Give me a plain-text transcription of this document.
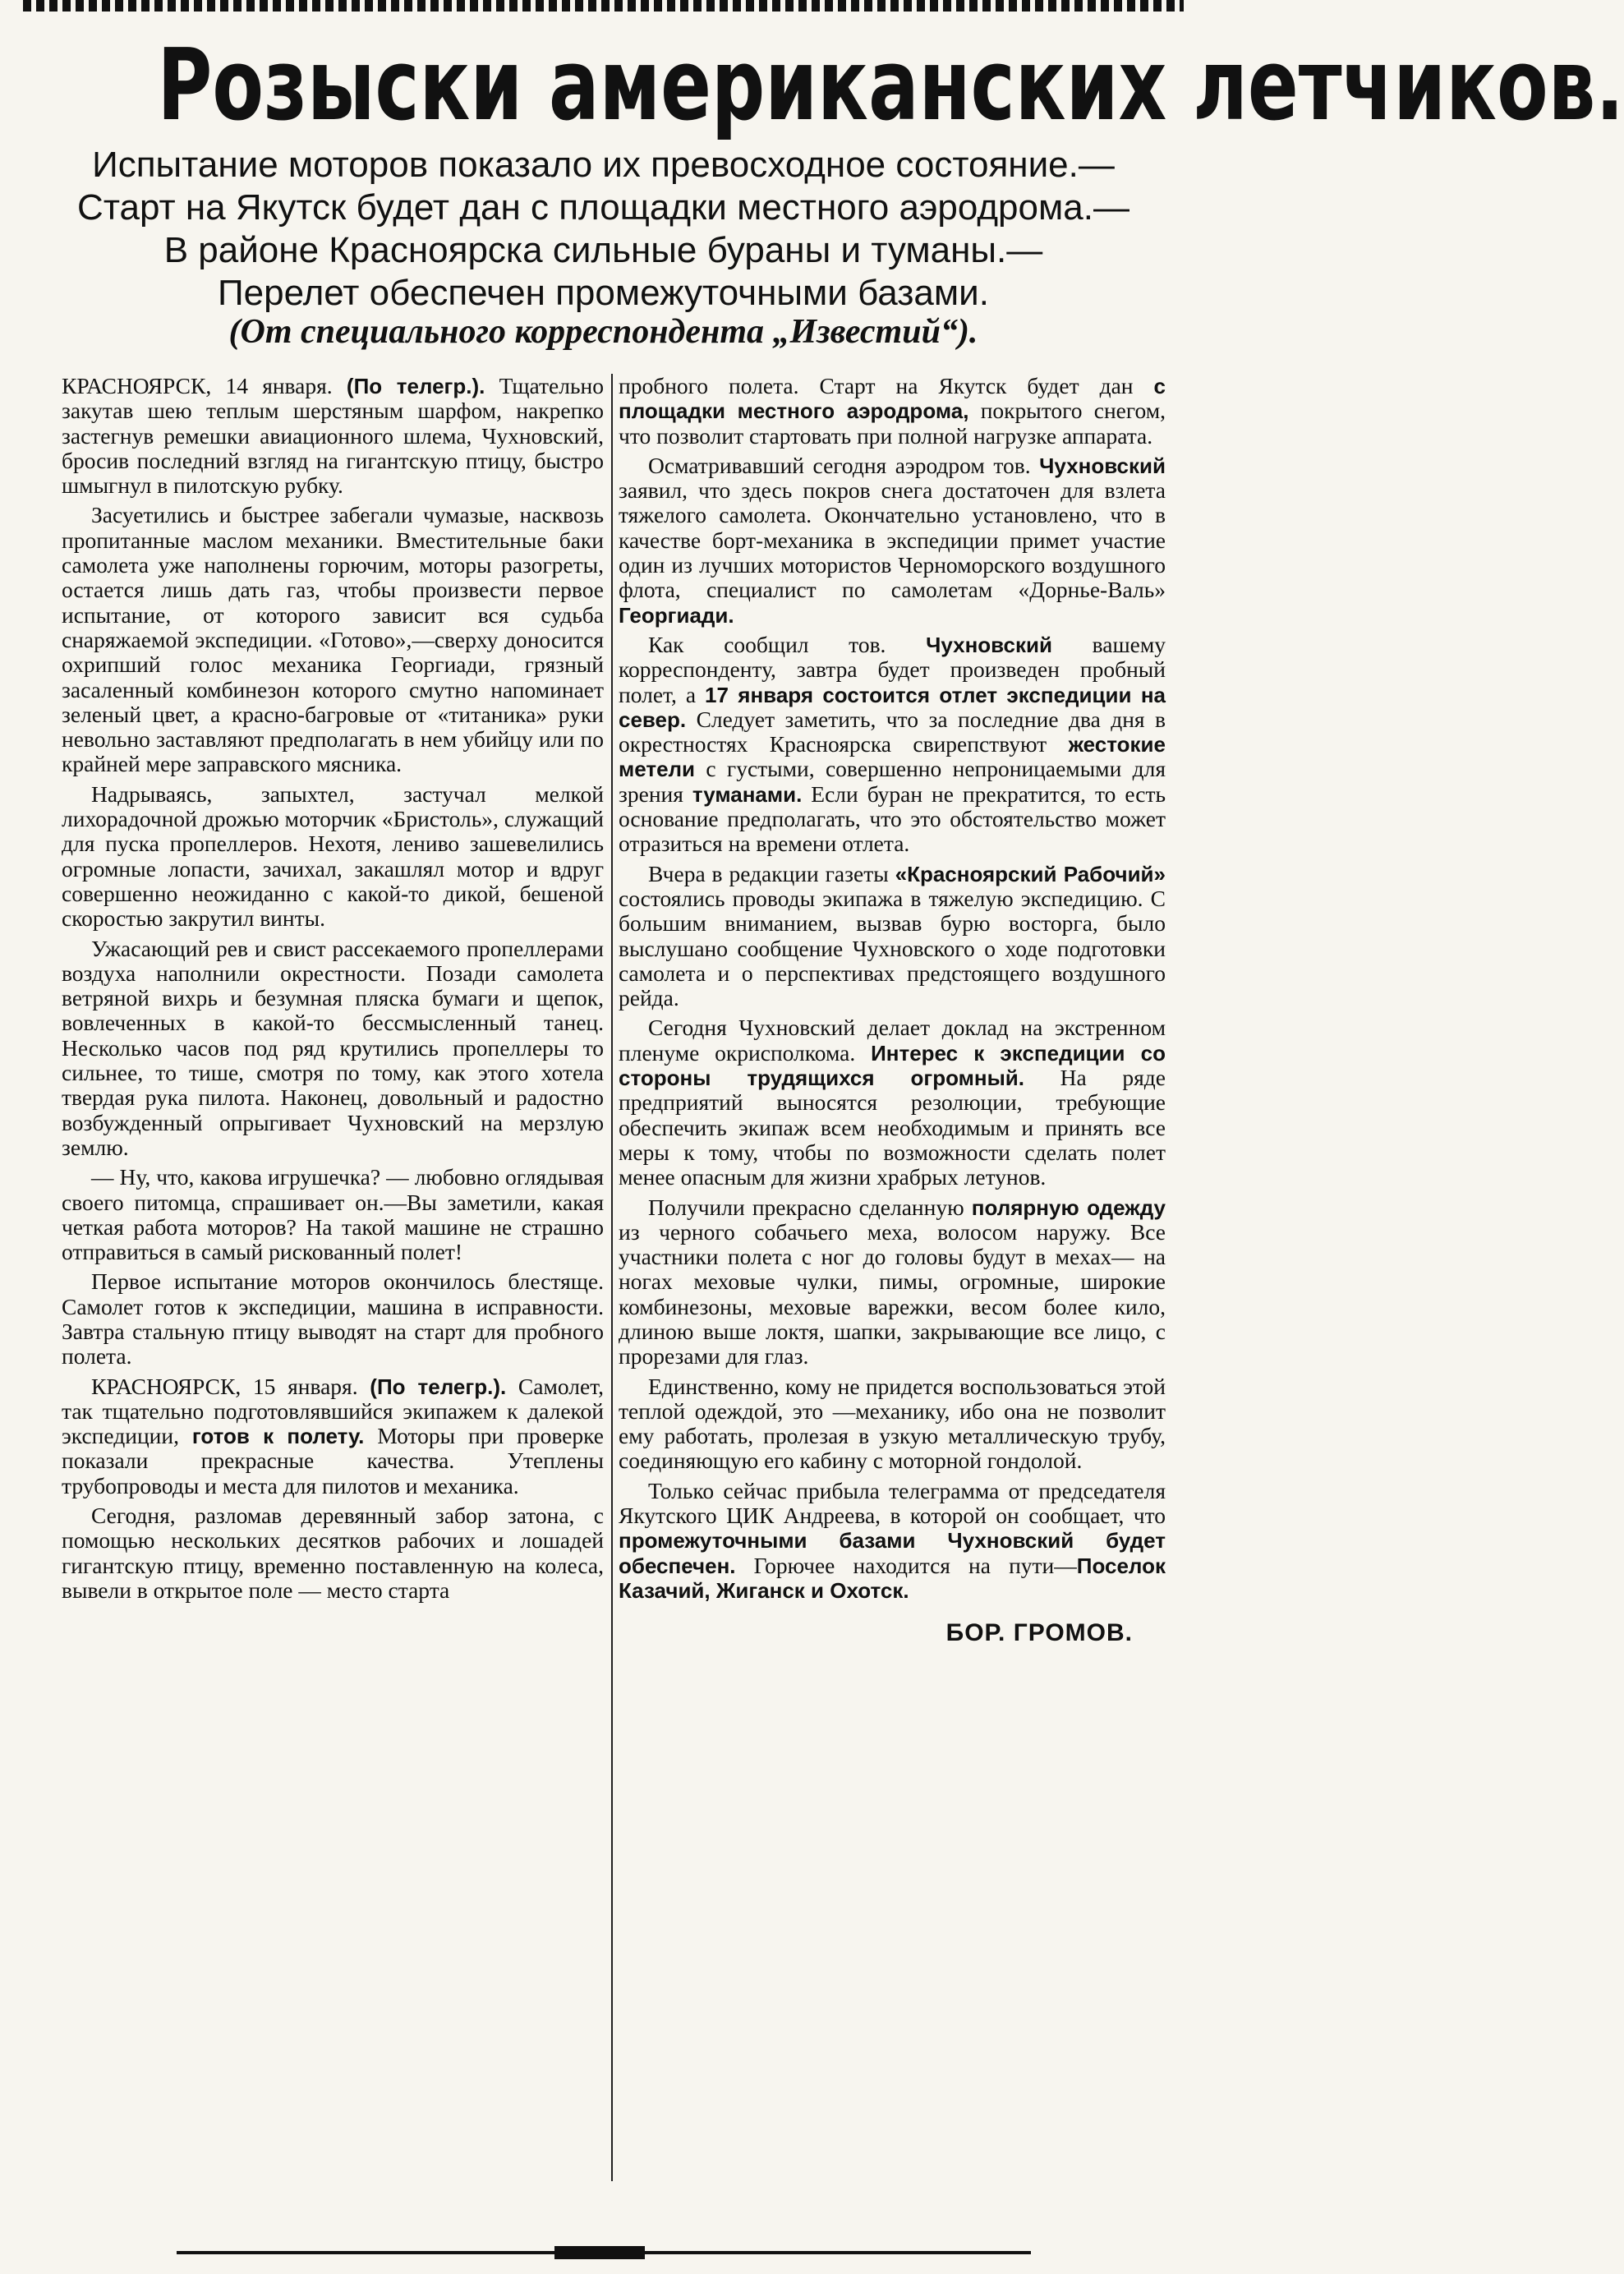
Розыски американских летчиков.
Испытание моторов показало их превосходное состояние.—
Старт на Якутск будет дан с площадки местного аэродрома.—
В районе Красноярска сильные бураны и туманы.—
Перелет обеспечен промежуточными базами.
(От специального корреспондента „Известий“).

КРАСНОЯРСК, 14 января. (По телегр.). Тщательно закутав шею теплым шерстяным шарфом, накрепко застегнув ремешки авиационного шлема, Чухновский, бросив последний взгляд на гигантскую птицу, быстро шмыгнул в пилотскую рубку.

Засуетились и быстрее забегали чумазые, насквозь пропитанные маслом механики. Вместительные баки самолета уже наполнены горючим, моторы разогреты, остается лишь дать газ, чтобы произвести первое испытание, от которого зависит вся судьба снаряжаемой экспедиции. «Готово»,—сверху доносится охрипший голос механика Георгиади, грязный засаленный комбинезон которого смутно напоминает зеленый цвет, а красно-багровые от «титаника» руки невольно заставляют предполагать в нем убийцу или по крайней мере заправского мясника.

Надрываясь, запыхтел, застучал мелкой лихорадочной дрожью моторчик «Бристоль», служащий для пуска пропеллеров. Нехотя, лениво зашевелились огромные лопасти, зачихал, закашлял мотор и вдруг совершенно неожиданно с какой-то дикой, бешеной скоростью закрутил винты.

Ужасающий рев и свист рассекаемого пропеллерами воздуха наполнили окрестности. Позади самолета ветряной вихрь и безумная пляска бумаги и щепок, вовлеченных в какой-то бессмысленный танец. Несколько часов под ряд крутились пропеллеры то сильнее, то тише, смотря по тому, как этого хотела твердая рука пилота. Наконец, довольный и радостно возбужденный опрыгивает Чухновский на мерзлую землю.

— Ну, что, какова игрушечка? — любовно оглядывая своего питомца, спрашивает он.—Вы заметили, какая четкая работа моторов? На такой машине не страшно отправиться в самый рискованный полет!

Первое испытание моторов окончилось блестяще. Самолет готов к экспедиции, машина в исправности. Завтра стальную птицу выводят на старт для пробного полета.

КРАСНОЯРСК, 15 января. (По телегр.). Самолет, так тщательно подготовлявшийся экипажем к далекой экспедиции, готов к полету. Моторы при проверке показали прекрасные качества. Утеплены трубопроводы и места для пилотов и механика.

Сегодня, разломав деревянный забор затона, с помощью нескольких десятков рабочих и лошадей гигантскую птицу, временно поставленную на колеса, вывели в открытое поле — место старта

пробного полета. Старт на Якутск будет дан с площадки местного аэродрома, покрытого снегом, что позволит стартовать при полной нагрузке аппарата.

Осматривавший сегодня аэродром тов. Чухновский заявил, что здесь покров снега достаточен для взлета тяжелого самолета. Окончательно установлено, что в качестве борт-механика в экспедиции примет участие один из лучших мотористов Черноморского воздушного флота, специалист по самолетам «Дорнье-Валь» Георгиади.

Как сообщил тов. Чухновский вашему корреспонденту, завтра будет произведен пробный полет, а 17 января состоится отлет экспедиции на север. Следует заметить, что за последние два дня в окрестностях Красноярска свирепствуют жестокие метели с густыми, совершенно непроницаемыми для зрения туманами. Если буран не прекратится, то есть основание предполагать, что это обстоятельство может отразиться на времени отлета.

Вчера в редакции газеты «Красноярский Рабочий» состоялись проводы экипажа в тяжелую экспедицию. С большим вниманием, вызвав бурю восторга, было выслушано сообщение Чухновского о ходе подготовки самолета и о перспективах предстоящего воздушного рейда.

Сегодня Чухновский делает доклад на экстренном пленуме окрисполкома. Интерес к экспедиции со стороны трудящихся огромный. На ряде предприятий выносятся резолюции, требующие обеспечить экипаж всем необходимым и принять все меры к тому, чтобы по возможности сделать полет менее опасным для жизни храбрых летунов.

Получили прекрасно сделанную полярную одежду из черного собачьего меха, волосом наружу. Все участники полета с ног до головы будут в мехах— на ногах меховые чулки, пимы, огромные, широкие комбинезоны, меховые варежки, весом более кило, длиною выше локтя, шапки, закрывающие все лицо, с прорезами для глаз.

Единственно, кому не придется воспользоваться этой теплой одеждой, это —механику, ибо она не позволит ему работать, пролезая в узкую металлическую трубу, соединяющую его кабину с моторной гондолой.

Только сейчас прибыла телеграмма от председателя Якутского ЦИК Андреева, в которой он сообщает, что промежуточными базами Чухновский будет обеспечен. Горючее находится на пути—Поселок Казачий, Жиганск и Охотск.

БОР. ГРОМОВ.
